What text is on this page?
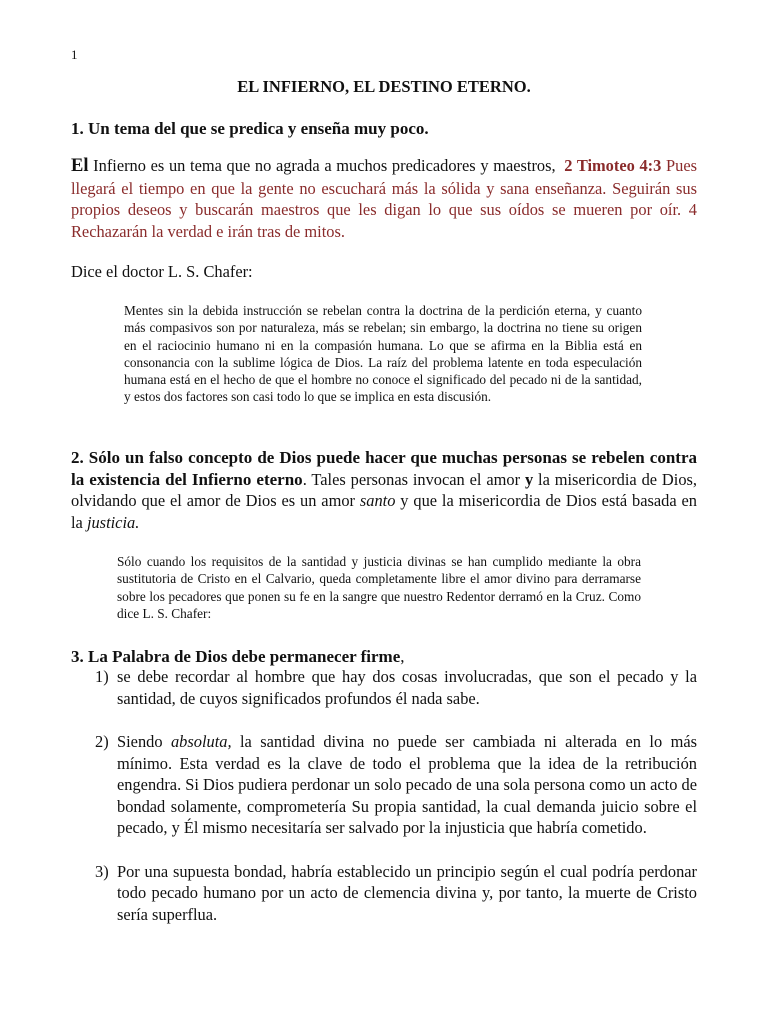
1
EL INFIERNO, EL DESTINO ETERNO.
1. Un tema del que se predica y enseña muy poco.
El Infierno es un tema que no agrada a muchos predicadores y maestros, 2 Timoteo 4:3 Pues llegará el tiempo en que la gente no escuchará más la sólida y sana enseñanza. Seguirán sus propios deseos y buscarán maestros que les digan lo que sus oídos se mueren por oír. 4 Rechazarán la verdad e irán tras de mitos.
Dice el doctor L. S. Chafer:
Mentes sin la debida instrucción se rebelan contra la doctrina de la perdición eterna, y cuanto más compasivos son por naturaleza, más se rebelan; sin embargo, la doctrina no tiene su origen en el raciocinio humano ni en la compasión humana. Lo que se afirma en la Biblia está en consonancia con la sublime lógica de Dios. La raíz del problema latente en toda especulación humana está en el hecho de que el hombre no conoce el significado del pecado ni de la santidad, y estos dos factores son casi todo lo que se implica en esta discusión.
2. Sólo un falso concepto de Dios puede hacer que muchas personas se rebelen contra la existencia del Infierno eterno. Tales personas invocan el amor y la misericordia de Dios, olvidando que el amor de Dios es un amor santo y que la misericordia de Dios está basada en la justicia.
Sólo cuando los requisitos de la santidad y justicia divinas se han cumplido mediante la obra sustitutoria de Cristo en el Calvario, queda completamente libre el amor divino para derramarse sobre los pecadores que ponen su fe en la sangre que nuestro Redentor derramó en la Cruz. Como dice L. S. Chafer:
3. La Palabra de Dios debe permanecer firme,
1) se debe recordar al hombre que hay dos cosas involucradas, que son el pecado y la santidad, de cuyos significados profundos él nada sabe.
2) Siendo absoluta, la santidad divina no puede ser cambiada ni alterada en lo más mínimo. Esta verdad es la clave de todo el problema que la idea de la retribución engendra. Si Dios pudiera perdonar un solo pecado de una sola persona como un acto de bondad solamente, comprometería Su propia santidad, la cual demanda juicio sobre el pecado, y Él mismo necesitaría ser salvado por la injusticia que habría cometido.
3) Por una supuesta bondad, habría establecido un principio según el cual podría perdonar todo pecado humano por un acto de clemencia divina y, por tanto, la muerte de Cristo sería superflua.
